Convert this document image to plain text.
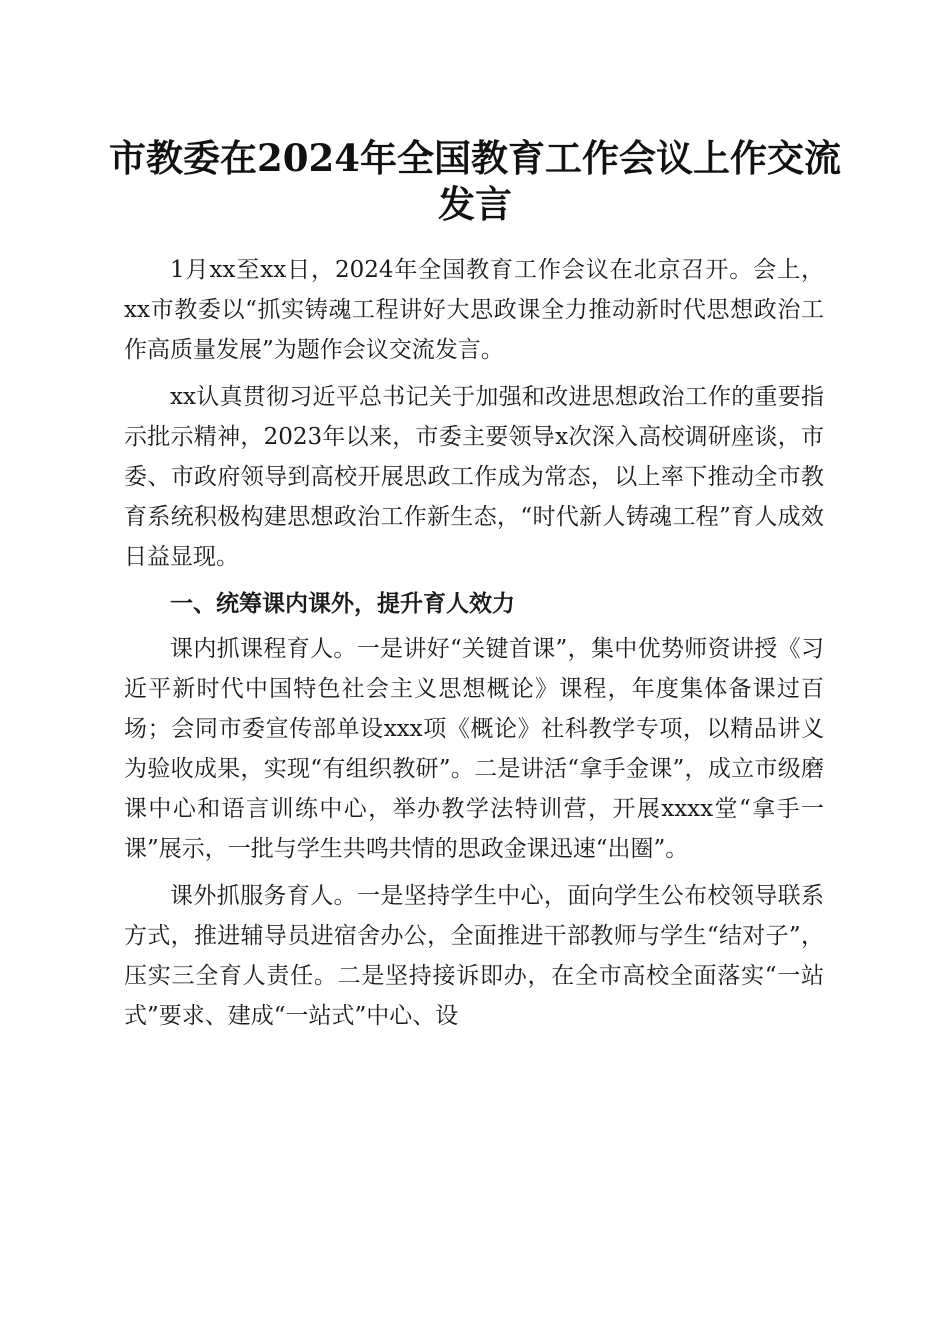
市教委在2024年全国教育工作会议上作交流发言

1月xx至xx日，2024年全国教育工作会议在北京召开。会上，xx市教委以“抓实铸魂工程讲好大思政课全力推动新时代思想政治工作高质量发展”为题作会议交流发言。

xx认真贯彻习近平总书记关于加强和改进思想政治工作的重要指示批示精神，2023年以来，市委主要领导x次深入高校调研座谈，市委、市政府领导到高校开展思政工作成为常态，以上率下推动全市教育系统积极构建思想政治工作新生态，“时代新人铸魂工程”育人成效日益显现。

一、统筹课内课外，提升育人效力

课内抓课程育人。一是讲好“关键首课”，集中优势师资讲授《习近平新时代中国特色社会主义思想概论》课程，年度集体备课过百场；会同市委宣传部单设xxx项《概论》社科教学专项，以精品讲义为验收成果，实现“有组织教研”。二是讲活“拿手金课”，成立市级磨课中心和语言训练中心，举办教学法特训营，开展xxxx堂“拿手一课”展示，一批与学生共鸣共情的思政金课迅速“出圈”。

课外抓服务育人。一是坚持学生中心，面向学生公布校领导联系方式，推进辅导员进宿舍办公，全面推进干部教师与学生“结对子”，压实三全育人责任。二是坚持接诉即办，在全市高校全面落实“一站式”要求、建成“一站式”中心、设
